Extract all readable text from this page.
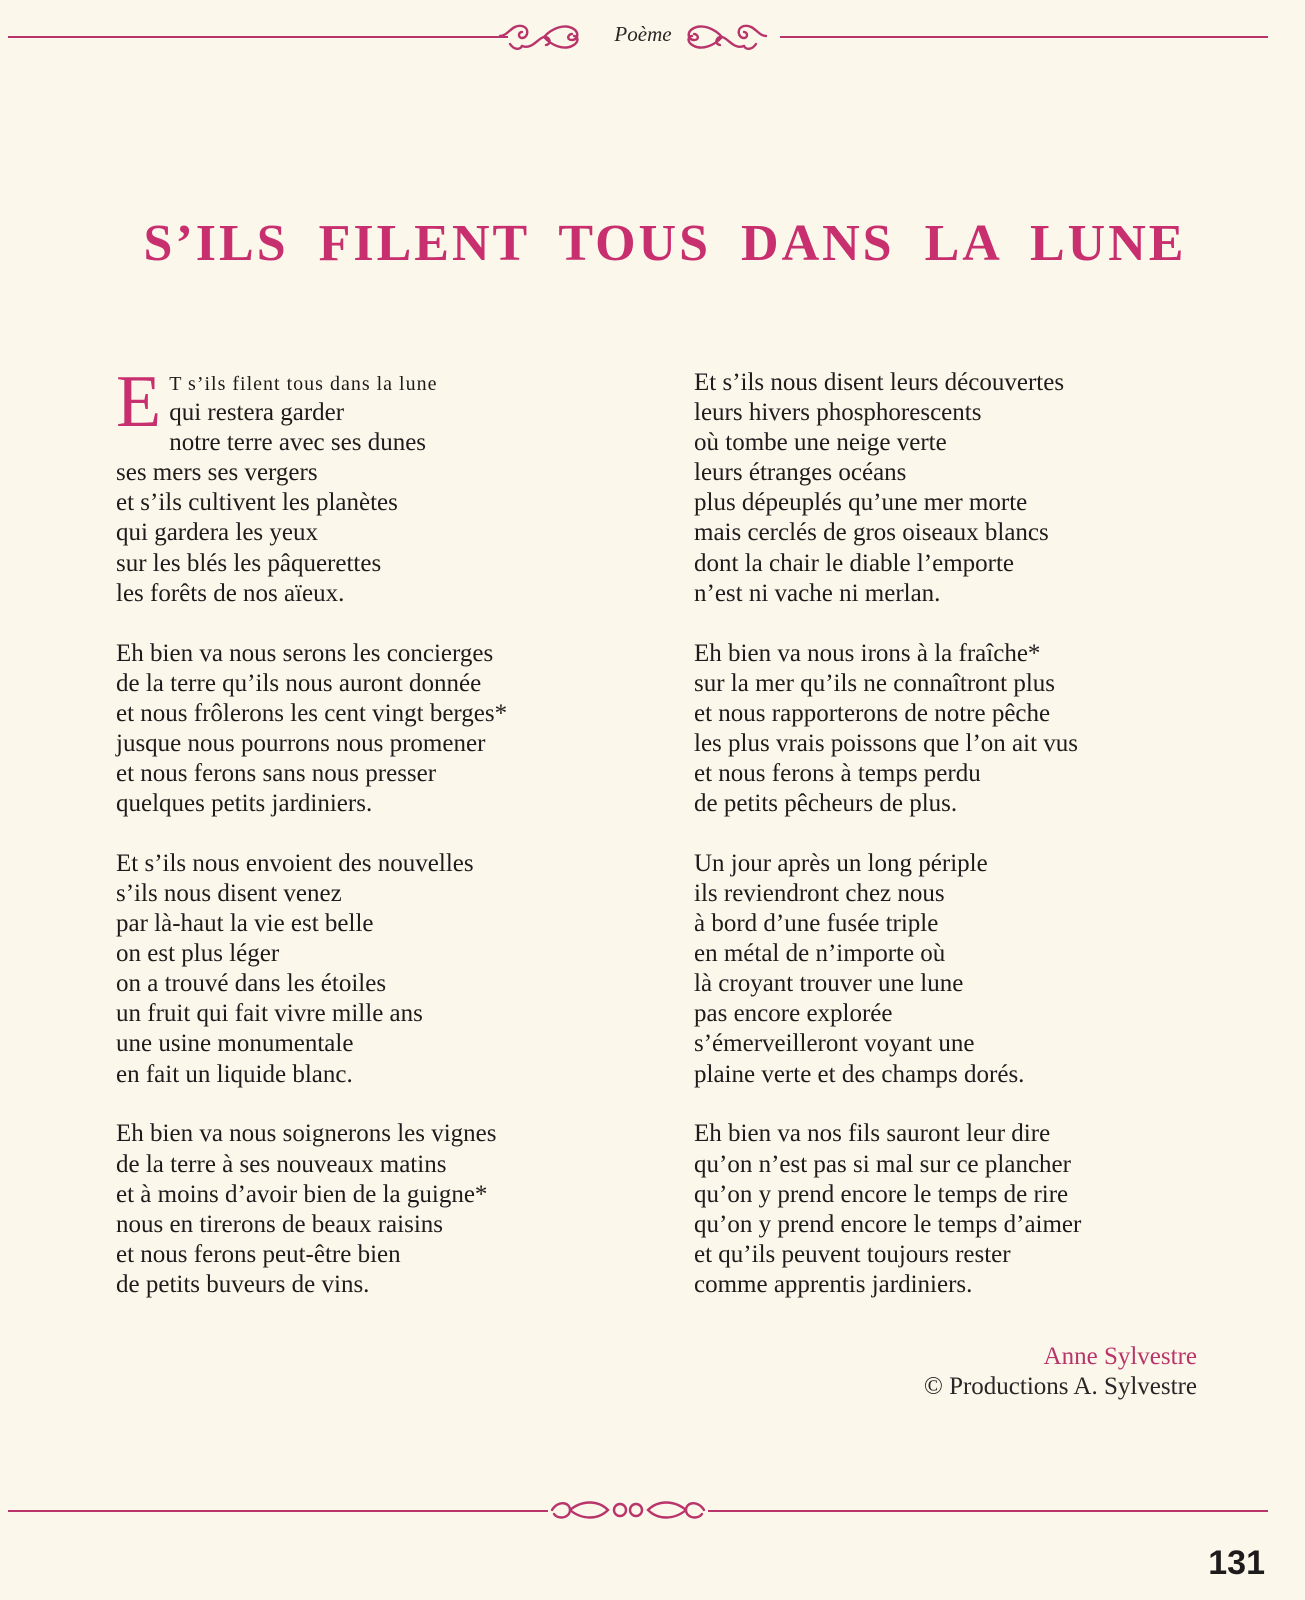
Poème
S’ILS FILENT TOUS DANS LA LUNE
E T s’ils filent tous dans la lune
qui restera garder
notre terre avec ses dunes
ses mers ses vergers
et s’ils cultivent les planètes
qui gardera les yeux
sur les blés les pâquerettes
les forêts de nos aïeux.
Eh bien va nous serons les concierges
de la terre qu’ils nous auront donnée
et nous frôlerons les cent vingt berges*
jusque nous pourrons nous promener
et nous ferons sans nous presser
quelques petits jardiniers.
Et s’ils nous envoient des nouvelles
s’ils nous disent venez
par là-haut la vie est belle
on est plus léger
on a trouvé dans les étoiles
un fruit qui fait vivre mille ans
une usine monumentale
en fait un liquide blanc.
Eh bien va nous soignerons les vignes
de la terre à ses nouveaux matins
et à moins d’avoir bien de la guigne*
nous en tirerons de beaux raisins
et nous ferons peut-être bien
de petits buveurs de vins.
Et s’ils nous disent leurs découvertes
leurs hivers phosphorescents
où tombe une neige verte
leurs étranges océans
plus dépeuplés qu’une mer morte
mais cerclés de gros oiseaux blancs
dont la chair le diable l’emporte
n’est ni vache ni merlan.
Eh bien va nous irons à la fraîche*
sur la mer qu’ils ne connaîtront plus
et nous rapporterons de notre pêche
les plus vrais poissons que l’on ait vus
et nous ferons à temps perdu
de petits pêcheurs de plus.
Un jour après un long périple
ils reviendront chez nous
à bord d’une fusée triple
en métal de n’importe où
là croyant trouver une lune
pas encore explorée
s’émerveilleront voyant une
plaine verte et des champs dorés.
Eh bien va nos fils sauront leur dire
qu’on n’est pas si mal sur ce plancher
qu’on y prend encore le temps de rire
qu’on y prend encore le temps d’aimer
et qu’ils peuvent toujours rester
comme apprentis jardiniers.
Anne Sylvestre
© Productions A. Sylvestre
131
